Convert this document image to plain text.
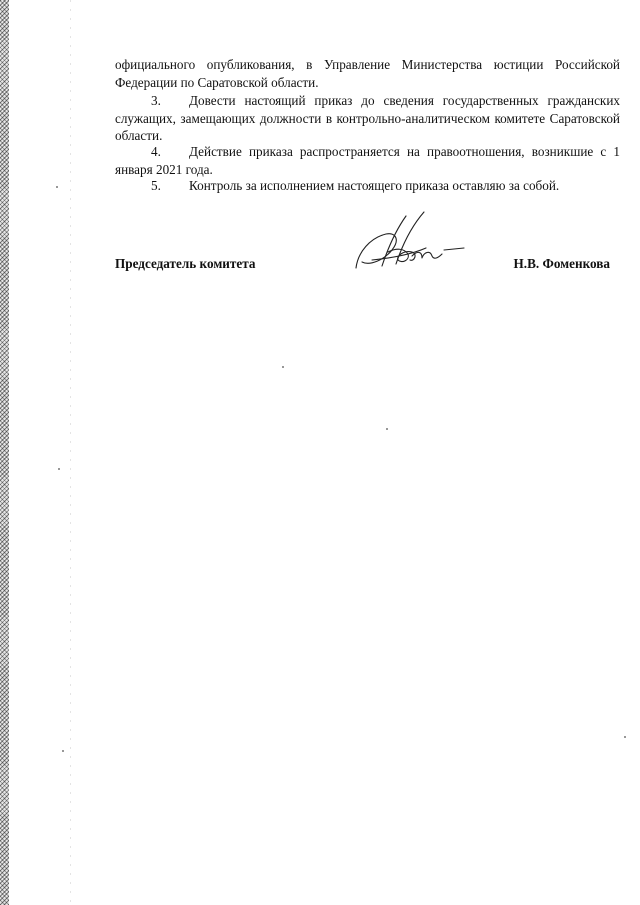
официального опубликования, в Управление Министерства юстиции Российской Федерации по Саратовской области.

3. Довести настоящий приказ до сведения государственных гражданских служащих, замещающих должности в контрольно-аналитическом комитете Саратовской области.

4. Действие приказа распространяется на правоотношения, возникшие с 1 января 2021 года.

5. Контроль за исполнением настоящего приказа оставляю за собой.

Председатель комитета	Н.В. Фоменкова
